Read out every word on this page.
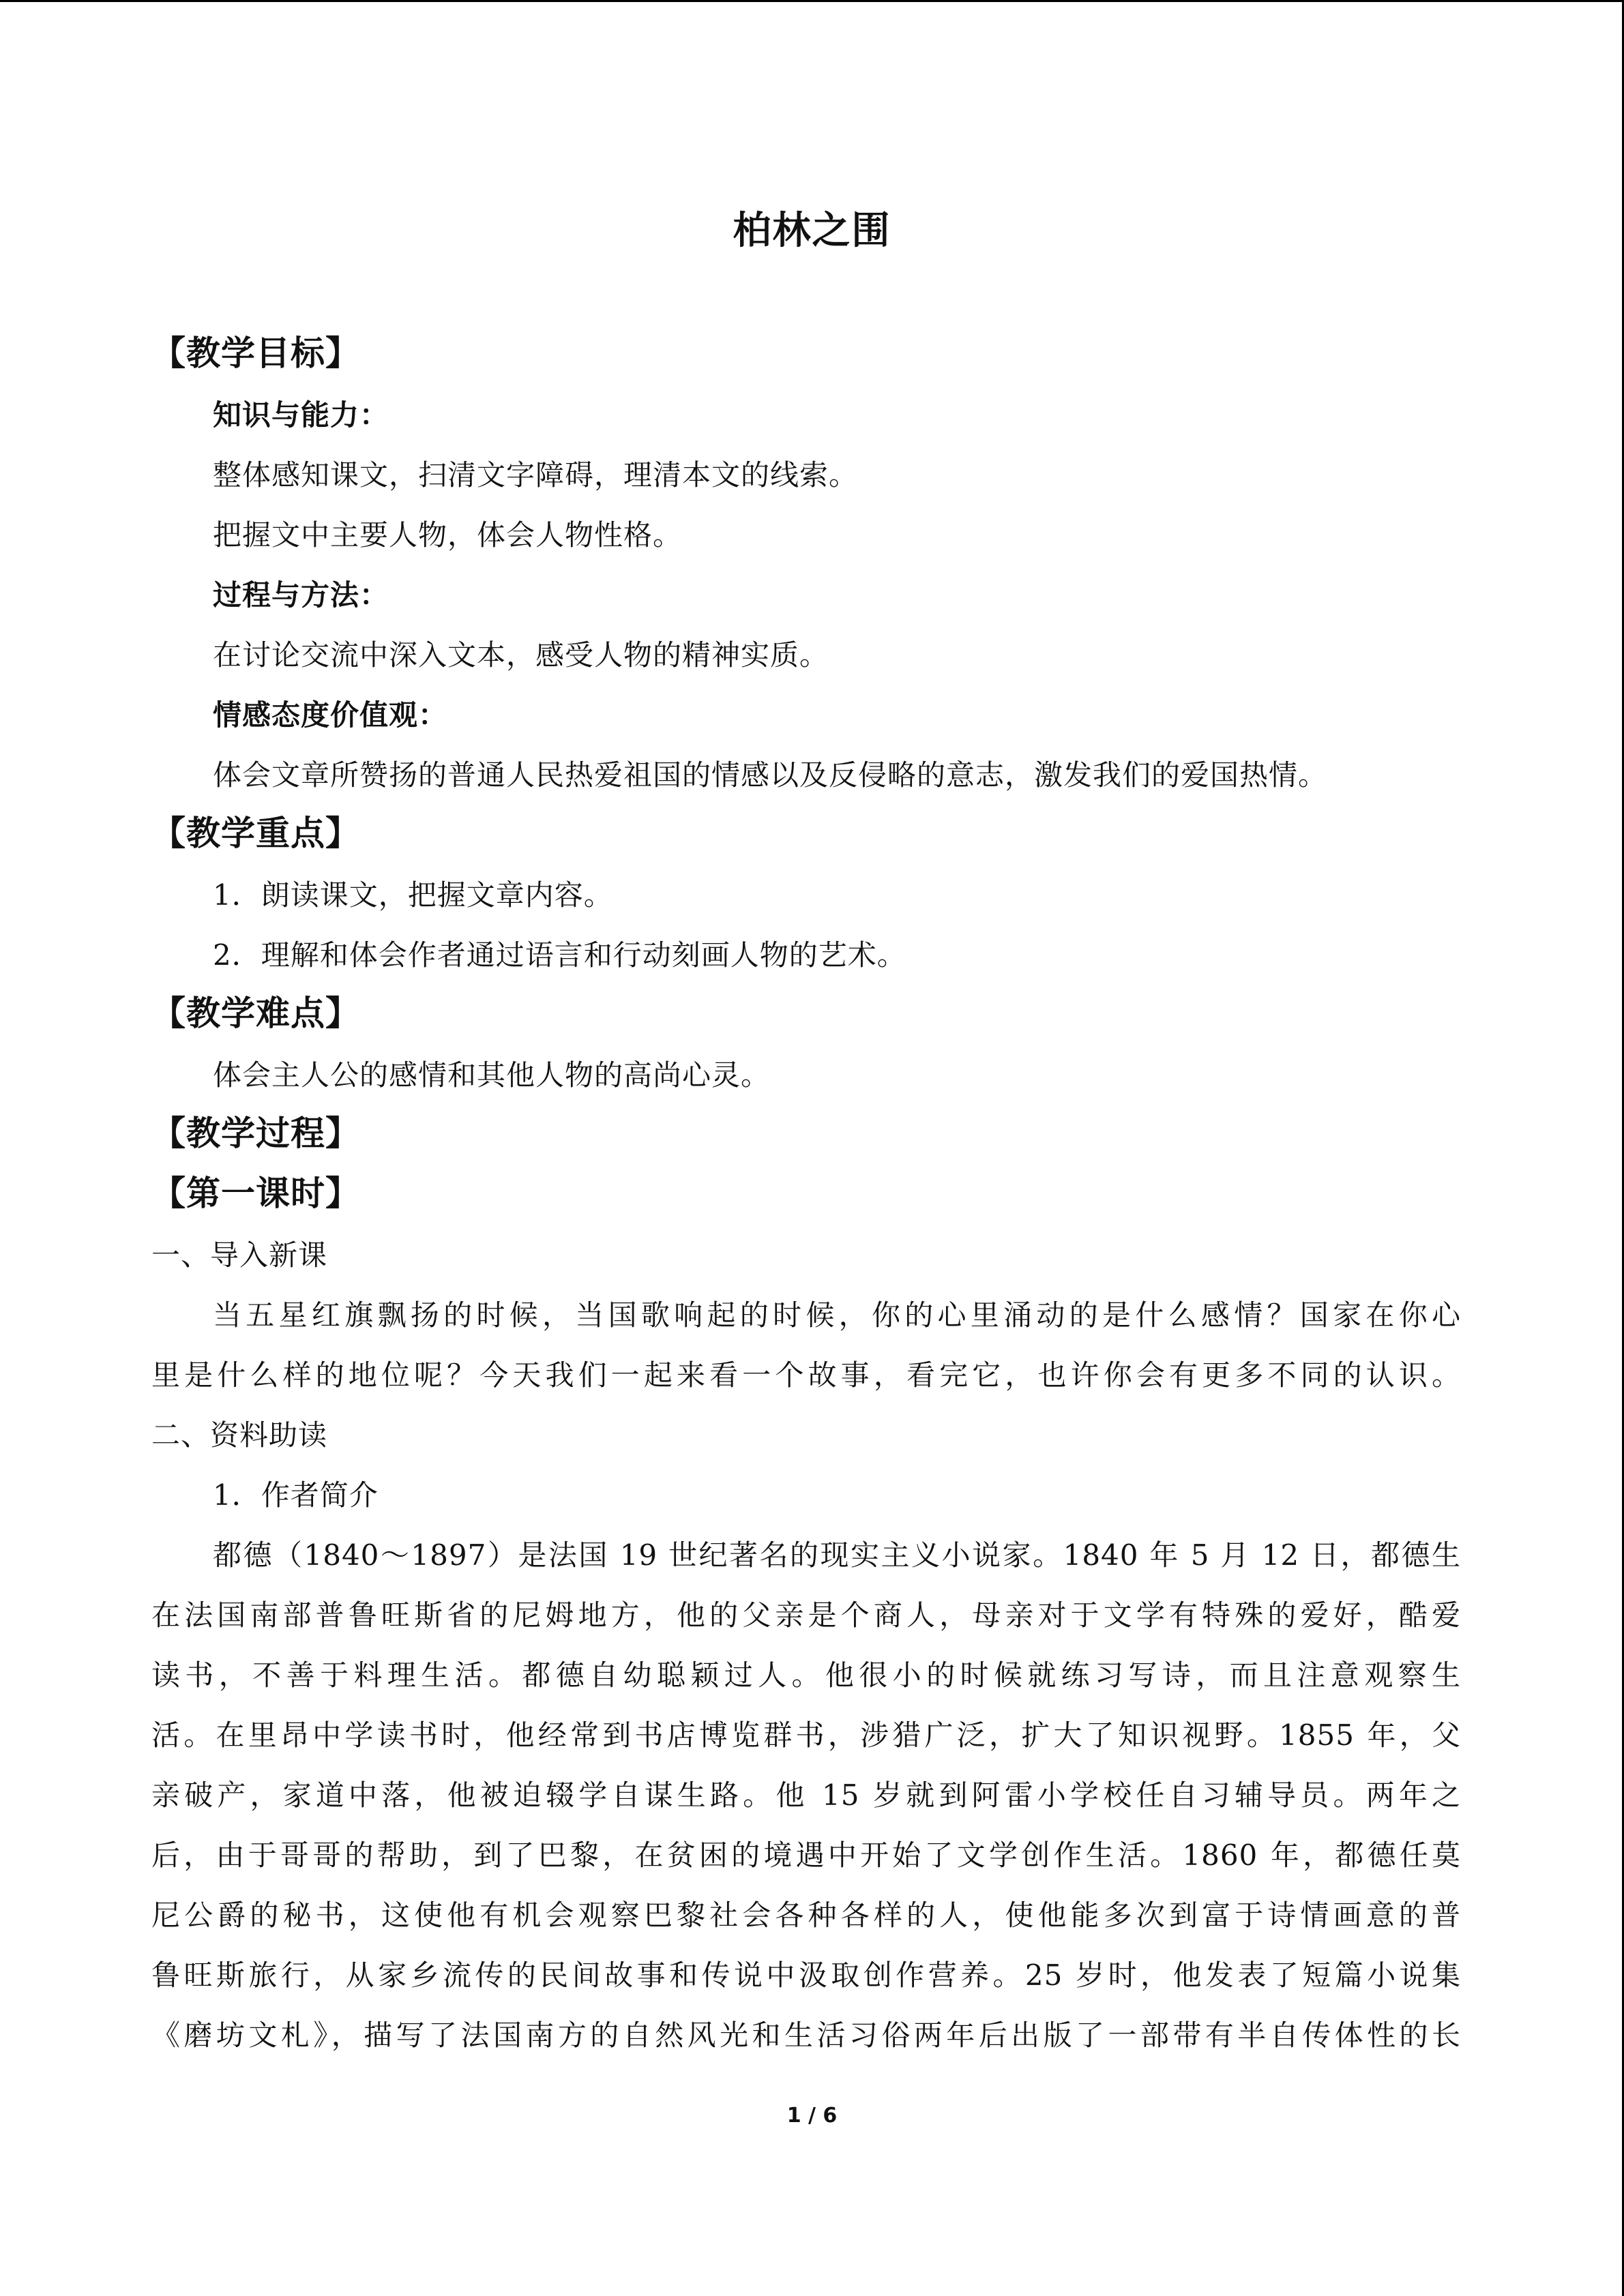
柏林之围
【教学目标】
知识与能力：
整体感知课文，扫清文字障碍，理清本文的线索。
把握文中主要人物，体会人物性格。
过程与方法：
在讨论交流中深入文本，感受人物的精神实质。
情感态度价值观：
体会文章所赞扬的普通人民热爱祖国的情感以及反侵略的意志，激发我们的爱国热情。
【教学重点】
1．朗读课文，把握文章内容。
2．理解和体会作者通过语言和行动刻画人物的艺术。
【教学难点】
体会主人公的感情和其他人物的高尚心灵。
【教学过程】
【第一课时】
一、导入新课
当五星红旗飘扬的时候，当国歌响起的时候，你的心里涌动的是什么感情？国家在你心
里是什么样的地位呢？今天我们一起来看一个故事，看完它，也许你会有更多不同的认识。
二、资料助读
1．作者简介
都德（1840～1897）是法国 19 世纪著名的现实主义小说家。1840 年 5 月 12 日，都德生
在法国南部普鲁旺斯省的尼姆地方，他的父亲是个商人，母亲对于文学有特殊的爱好，酷爱
读书，不善于料理生活。都德自幼聪颖过人。他很小的时候就练习写诗，而且注意观察生
活。在里昂中学读书时，他经常到书店博览群书，涉猎广泛，扩大了知识视野。1855 年，父
亲破产，家道中落，他被迫辍学自谋生路。他 15 岁就到阿雷小学校任自习辅导员。两年之
后，由于哥哥的帮助，到了巴黎，在贫困的境遇中开始了文学创作生活。1860 年，都德任莫
尼公爵的秘书，这使他有机会观察巴黎社会各种各样的人，使他能多次到富于诗情画意的普
鲁旺斯旅行，从家乡流传的民间故事和传说中汲取创作营养。25 岁时，他发表了短篇小说集
《磨坊文札》，描写了法国南方的自然风光和生活习俗两年后出版了一部带有半自传体性的长
1 / 6
